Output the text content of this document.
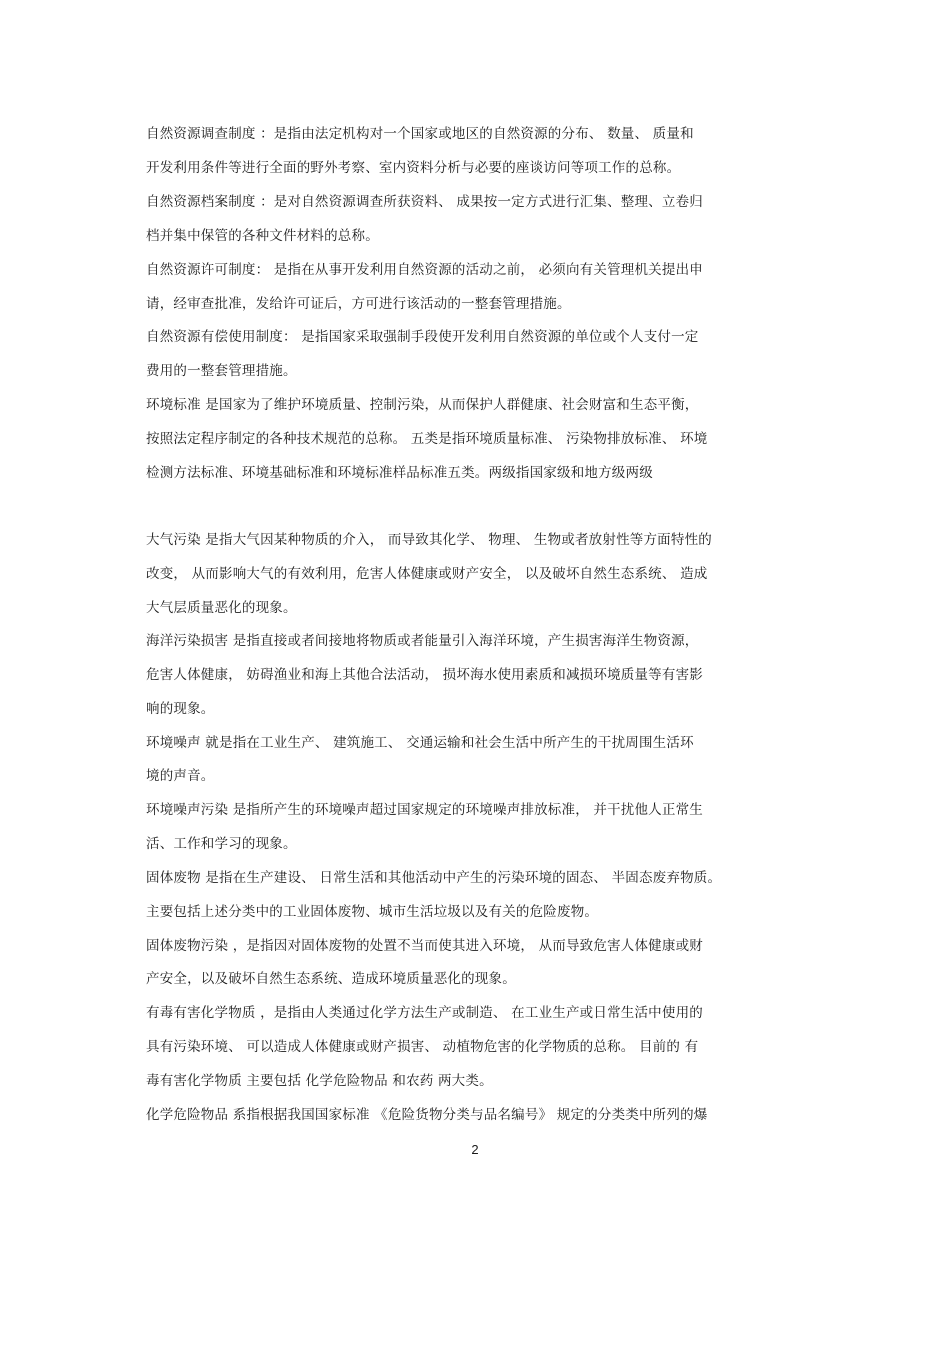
自然资源调查制度 ：是指由法定机构对一个国家或地区的自然资源的分布、 数量、 质量和
开发利用条件等进行全面的野外考察、室内资料分析与必要的座谈访问等项工作的总称。
自然资源档案制度 ：是对自然资源调查所获资料、 成果按一定方式进行汇集、整理、立卷归
档并集中保管的各种文件材料的总称。
自然资源许可制度： 是指在从事开发利用自然资源的活动之前， 必须向有关管理机关提出申
请，经审查批准，发给许可证后，方可进行该活动的一整套管理措施。
自然资源有偿使用制度： 是指国家采取强制手段使开发利用自然资源的单位或个人支付一定
费用的一整套管理措施。
环境标准 是国家为了维护环境质量、控制污染，从而保护人群健康、社会财富和生态平衡，
按照法定程序制定的各种技术规范的总称。 五类是指环境质量标准、 污染物排放标准、 环境
检测方法标准、环境基础标准和环境标准样品标准五类。两级指国家级和地方级两级
大气污染 是指大气因某种物质的介入， 而导致其化学、 物理、 生物或者放射性等方面特性的
改变， 从而影响大气的有效利用，危害人体健康或财产安全， 以及破坏自然生态系统、 造成
大气层质量恶化的现象。
海洋污染损害 是指直接或者间接地将物质或者能量引入海洋环境，产生损害海洋生物资源，
危害人体健康， 妨碍渔业和海上其他合法活动， 损坏海水使用素质和减损环境质量等有害影
响的现象。
环境噪声 就是指在工业生产、 建筑施工、 交通运输和社会生活中所产生的干扰周围生活环
境的声音。
环境噪声污染 是指所产生的环境噪声超过国家规定的环境噪声排放标准， 并干扰他人正常生
活、工作和学习的现象。
固体废物 是指在生产建设、 日常生活和其他活动中产生的污染环境的固态、 半固态废弃物质。
主要包括上述分类中的工业固体废物、城市生活垃圾以及有关的危险废物。
固体废物污染 ，是指因对固体废物的处置不当而使其进入环境， 从而导致危害人体健康或财
产安全，以及破坏自然生态系统、造成环境质量恶化的现象。
有毒有害化学物质 ，是指由人类通过化学方法生产或制造、 在工业生产或日常生活中使用的
具有污染环境、 可以造成人体健康或财产损害、 动植物危害的化学物质的总称。 目前的 有
毒有害化学物质 主要包括 化学危险物品 和农药 两大类。
化学危险物品 系指根据我国国家标准 《危险货物分类与品名编号》 规定的分类类中所列的爆
2
